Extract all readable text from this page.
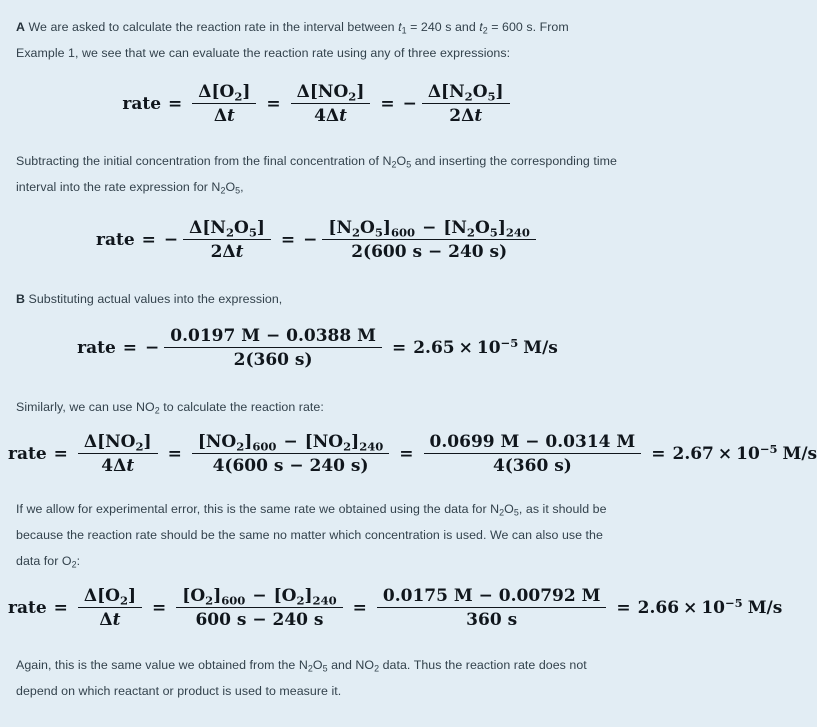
A We are asked to calculate the reaction rate in the interval between $t_1 = 240$ s and $t_2 = 600$ s. From Example 1, we see that we can evaluate the reaction rate using any of three expressions:

rate = $\frac{\Delta[O_2]}{\Delta t} = \frac{\Delta[NO_2]}{4\Delta t}$ = − $\frac{\Delta[N_2O_5]}{2\Delta t}$

Subtracting the initial concentration from the final concentration of $N_2O_5$ and inserting the corresponding time interval into the rate expression for $N_2O_5$,

rate = − $\frac{\Delta[N_2O_5]}{2\Delta t}$ = − $\frac{[N_2O_5]_{600} - [N_2O_5]_{240}}{2(600 s - 240 s)}$

B Substituting actual values into the expression,

rate = − $\frac{0.0197 M - 0.0388 M}{2(360 s)} = 2.65 \times 10^{-5}$ M/s

Similarly, we can use $NO_2$ to calculate the reaction rate:

rate = $\frac{\Delta[NO_2]}{4\Delta t} = \frac{[NO_2]_{600} - [NO_2]_{240}}{4(600 s - 240 s)} = \frac{0.0699 M - 0.0314 M}{4(360 s)} = 2.67 \times 10^{-5}$ M/s

If we allow for experimental error, this is the same rate we obtained using the data for $N_2O_5$, as it should be because the reaction rate should be the same no matter which concentration is used. We can also use the data for $O_2$:

rate = $\frac{\Delta[O_2]}{\Delta t} = \frac{[O_2]_{600} - [O_2]_{240}}{600 s - 240 s} = \frac{0.0175 M - 0.00792 M}{360 s} = 2.66 \times 10^{-5}$ M/s

Again, this is the same value we obtained from the $N_2O_5$ and $NO_2$ data. Thus the reaction rate does not depend on which reactant or product is used to measure it.
